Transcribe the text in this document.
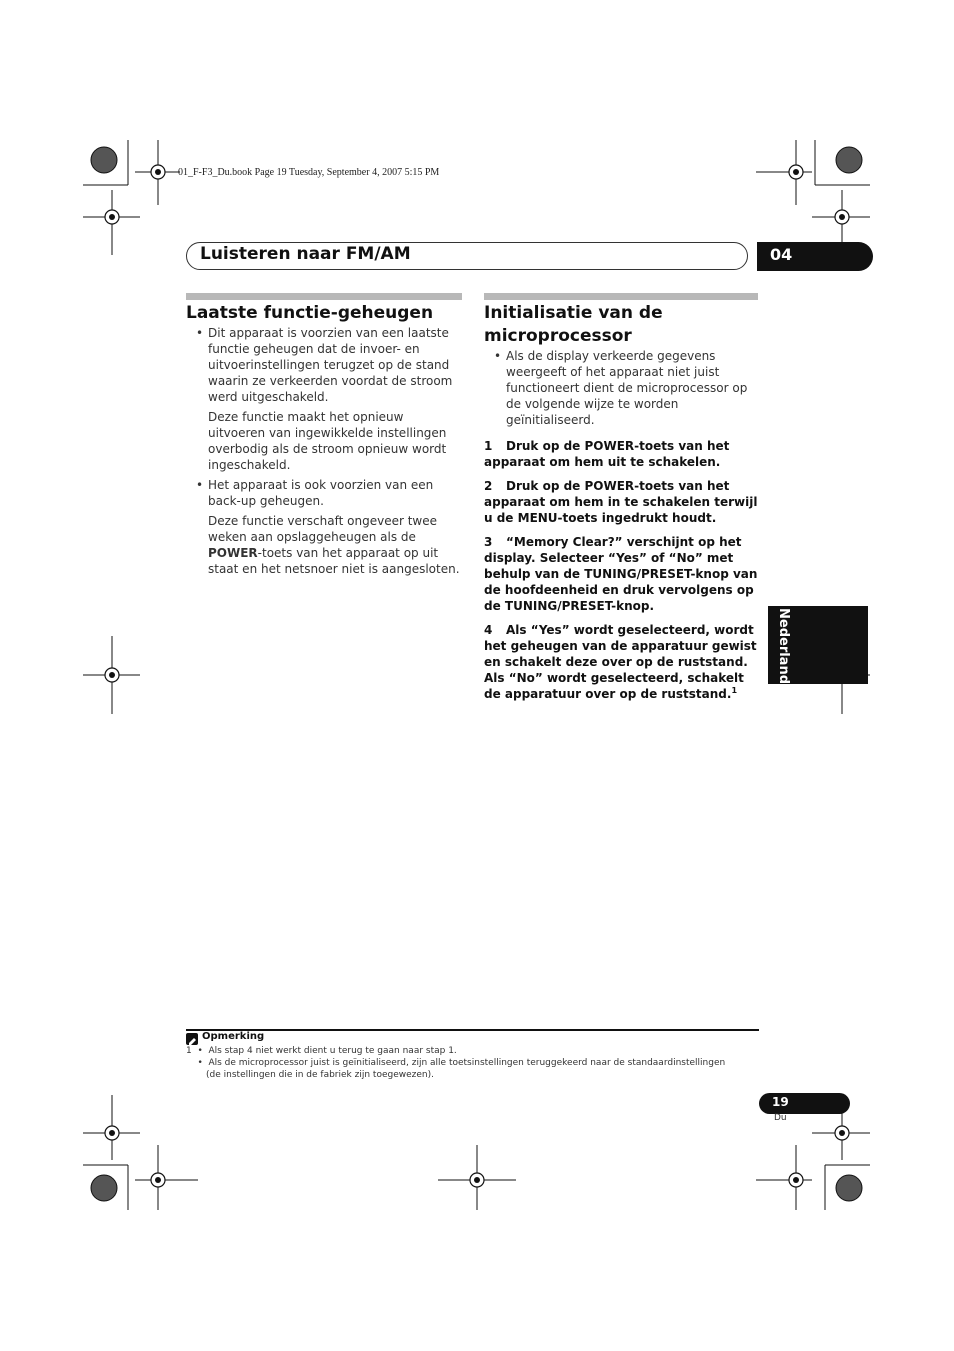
01_F-F3_Du.book Page 19 Tuesday, September 4, 2007 5:15 PM
Luisteren naar FM/AM	04
Nederlands
Laatste functie-geheugen
• Dit apparaat is voorzien van een laatste functie geheugen dat de invoer- en uitvoerinstellingen terugzet op de stand waarin ze verkeerden voordat de stroom werd uitgeschakeld.
Deze functie maakt het opnieuw uitvoeren van ingewikkelde instellingen overbodig als de stroom opnieuw wordt ingeschakeld.
• Het apparaat is ook voorzien van een back-up geheugen.
Deze functie verschaft ongeveer twee weken aan opslaggeheugen als de POWER-toets van het apparaat op uit staat en het netsnoer niet is aangesloten.
Initialisatie van de microprocessor
• Als de display verkeerde gegevens weergeeft of het apparaat niet juist functioneert dient de microprocessor op de volgende wijze te worden geïnitialiseerd.
1 Druk op de POWER-toets van het apparaat om hem uit te schakelen.
2 Druk op de POWER-toets van het apparaat om hem in te schakelen terwijl u de MENU-toets ingedrukt houdt.
3 “Memory Clear?” verschijnt op het display. Selecteer “Yes” of “No” met behulp van de TUNING/PRESET-knop van de hoofdeenheid en druk vervolgens op de TUNING/PRESET-knop.
4 Als “Yes” wordt geselecteerd, wordt het geheugen van de apparatuur gewist en schakelt deze over op de ruststand. Als “No” wordt geselecteerd, schakelt de apparatuur over op de ruststand.$^1$
Opmerking
1  •  Als stap 4 niet werkt dient u terug te gaan naar stap 1.
•  Als de microprocessor juist is geïnitialiseerd, zijn alle toetsinstellingen teruggekeerd naar de standaardinstellingen
(de instellingen die in de fabriek zijn toegewezen).
19
Du
